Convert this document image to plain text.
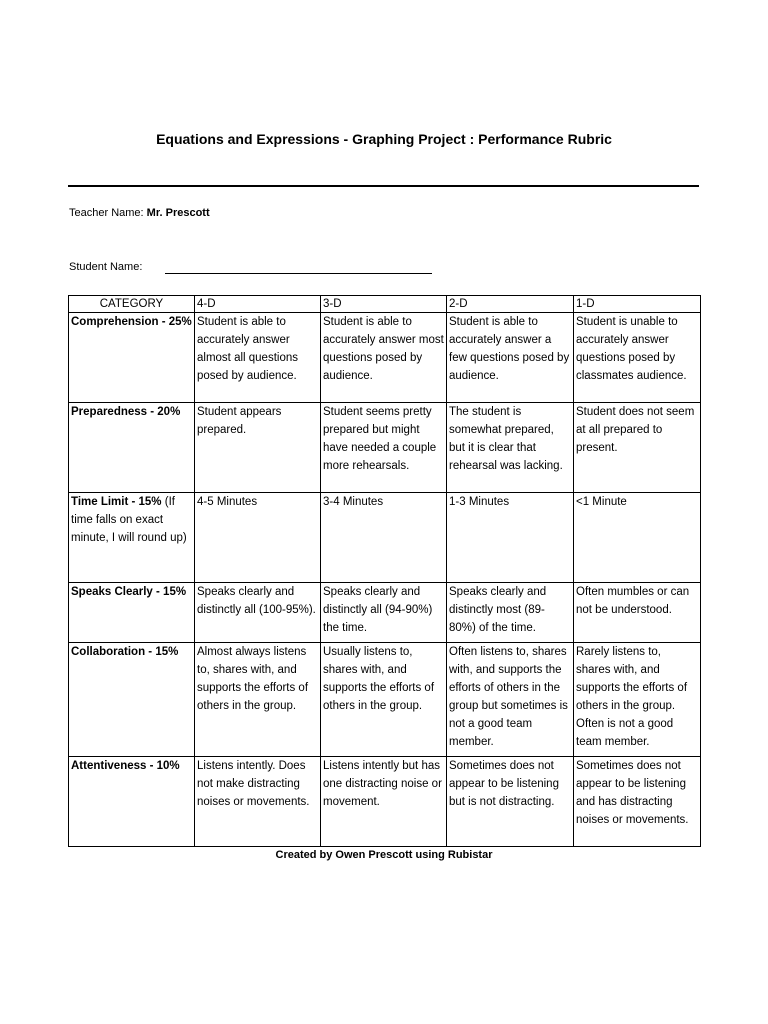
Equations and Expressions - Graphing Project : Performance Rubric
Teacher Name: Mr. Prescott
Student Name:
CATEGORY	4-D	3-D	2-D	1-D
Comprehension - 25%	Student is able to accurately answer almost all questions posed by audience.	Student is able to accurately answer most questions posed by audience.	Student is able to accurately answer a few questions posed by audience.	Student is unable to accurately answer questions posed by classmates audience.
Preparedness - 20%	Student appears prepared.	Student seems pretty prepared but might have needed a couple more rehearsals.	The student is somewhat prepared, but it is clear that rehearsal was lacking.	Student does not seem at all prepared to present.
Time Limit - 15% (If time falls on exact minute, I will round up)	4-5 Minutes	3-4 Minutes	1-3 Minutes	<1 Minute
Speaks Clearly - 15%	Speaks clearly and distinctly all (100-95%).	Speaks clearly and distinctly all (94-90%) the time.	Speaks clearly and distinctly most (89-80%) of the time.	Often mumbles or can not be understood.
Collaboration - 15%	Almost always listens to, shares with, and supports the efforts of others in the group.	Usually listens to, shares with, and supports the efforts of others in the group.	Often listens to, shares with, and supports the efforts of others in the group but sometimes is not a good team member.	Rarely listens to, shares with, and supports the efforts of others in the group. Often is not a good team member.
Attentiveness - 10%	Listens intently. Does not make distracting noises or movements.	Listens intently but has one distracting noise or movement.	Sometimes does not appear to be listening but is not distracting.	Sometimes does not appear to be listening and has distracting noises or movements.
Created by Owen Prescott using Rubistar
